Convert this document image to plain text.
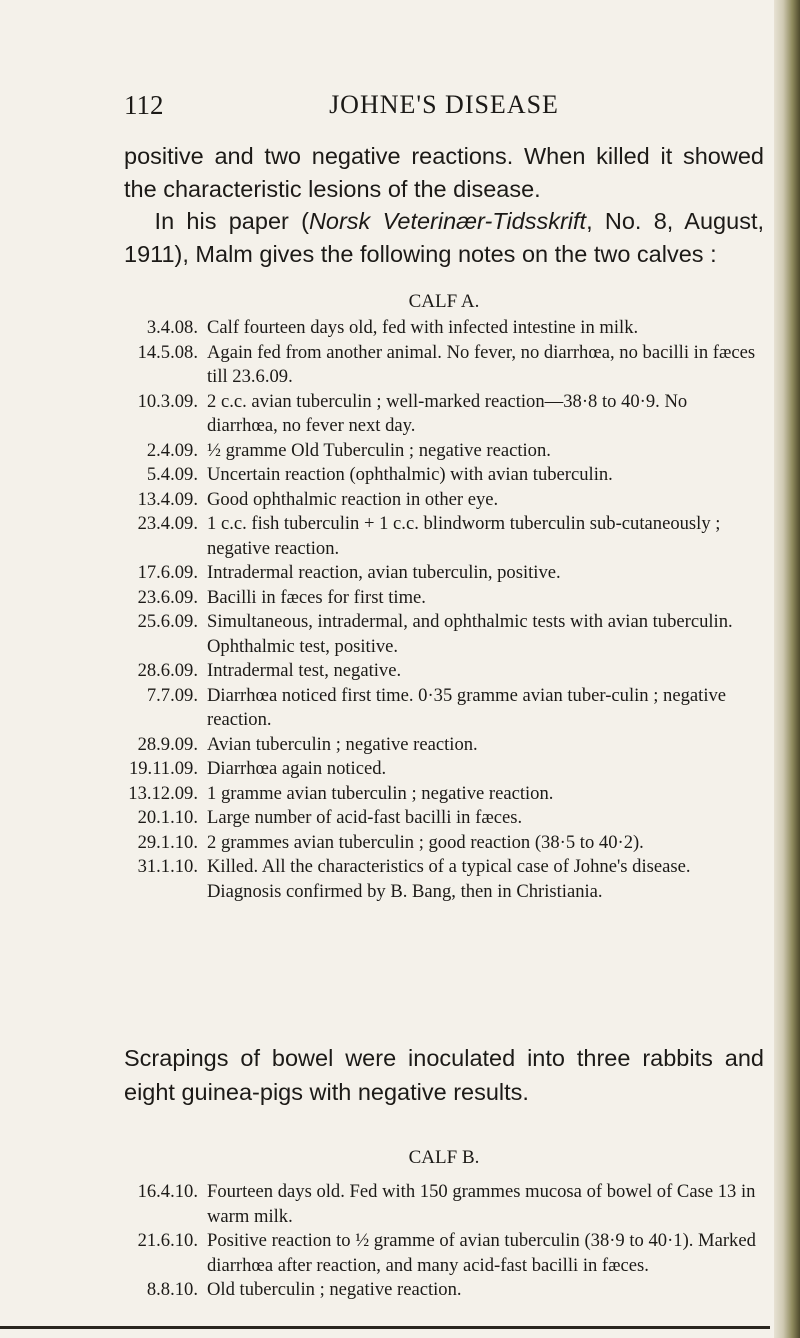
112	JOHNE'S DISEASE

positive and two negative reactions. When killed it showed the characteristic lesions of the disease.

In his paper (Norsk Veterinær-Tidsskrift, No. 8, August, 1911), Malm gives the following notes on the two calves :

CALF A.
3.4.08. Calf fourteen days old, fed with infected intestine in milk.
14.5.08. Again fed from another animal. No fever, no diarrhœa, no bacilli in fæces till 23.6.09.
10.3.09. 2 c.c. avian tuberculin ; well-marked reaction—38·8 to 40·9. No diarrhœa, no fever next day.
2.4.09. ½ gramme Old Tuberculin ; negative reaction.
5.4.09. Uncertain reaction (ophthalmic) with avian tuberculin.
13.4.09. Good ophthalmic reaction in other eye.
23.4.09. 1 c.c. fish tuberculin + 1 c.c. blindworm tuberculin sub-cutaneously ; negative reaction.
17.6.09. Intradermal reaction, avian tuberculin, positive.
23.6.09. Bacilli in fæces for first time.
25.6.09. Simultaneous, intradermal, and ophthalmic tests with avian tuberculin. Ophthalmic test, positive.
28.6.09. Intradermal test, negative.
7.7.09. Diarrhœa noticed first time. 0·35 gramme avian tuber-culin ; negative reaction.
28.9.09. Avian tuberculin ; negative reaction.
19.11.09. Diarrhœa again noticed.
13.12.09. 1 gramme avian tuberculin ; negative reaction.
20.1.10. Large number of acid-fast bacilli in fæces.
29.1.10. 2 grammes avian tuberculin ; good reaction (38·5 to 40·2).
31.1.10. Killed. All the characteristics of a typical case of Johne's disease. Diagnosis confirmed by B. Bang, then in Christiania.

Scrapings of bowel were inoculated into three rabbits and eight guinea-pigs with negative results.

CALF B.
16.4.10. Fourteen days old. Fed with 150 grammes mucosa of bowel of Case 13 in warm milk.
21.6.10. Positive reaction to ½ gramme of avian tuberculin (38·9 to 40·1). Marked diarrhœa after reaction, and many acid-fast bacilli in fæces.
8.8.10. Old tuberculin ; negative reaction.
